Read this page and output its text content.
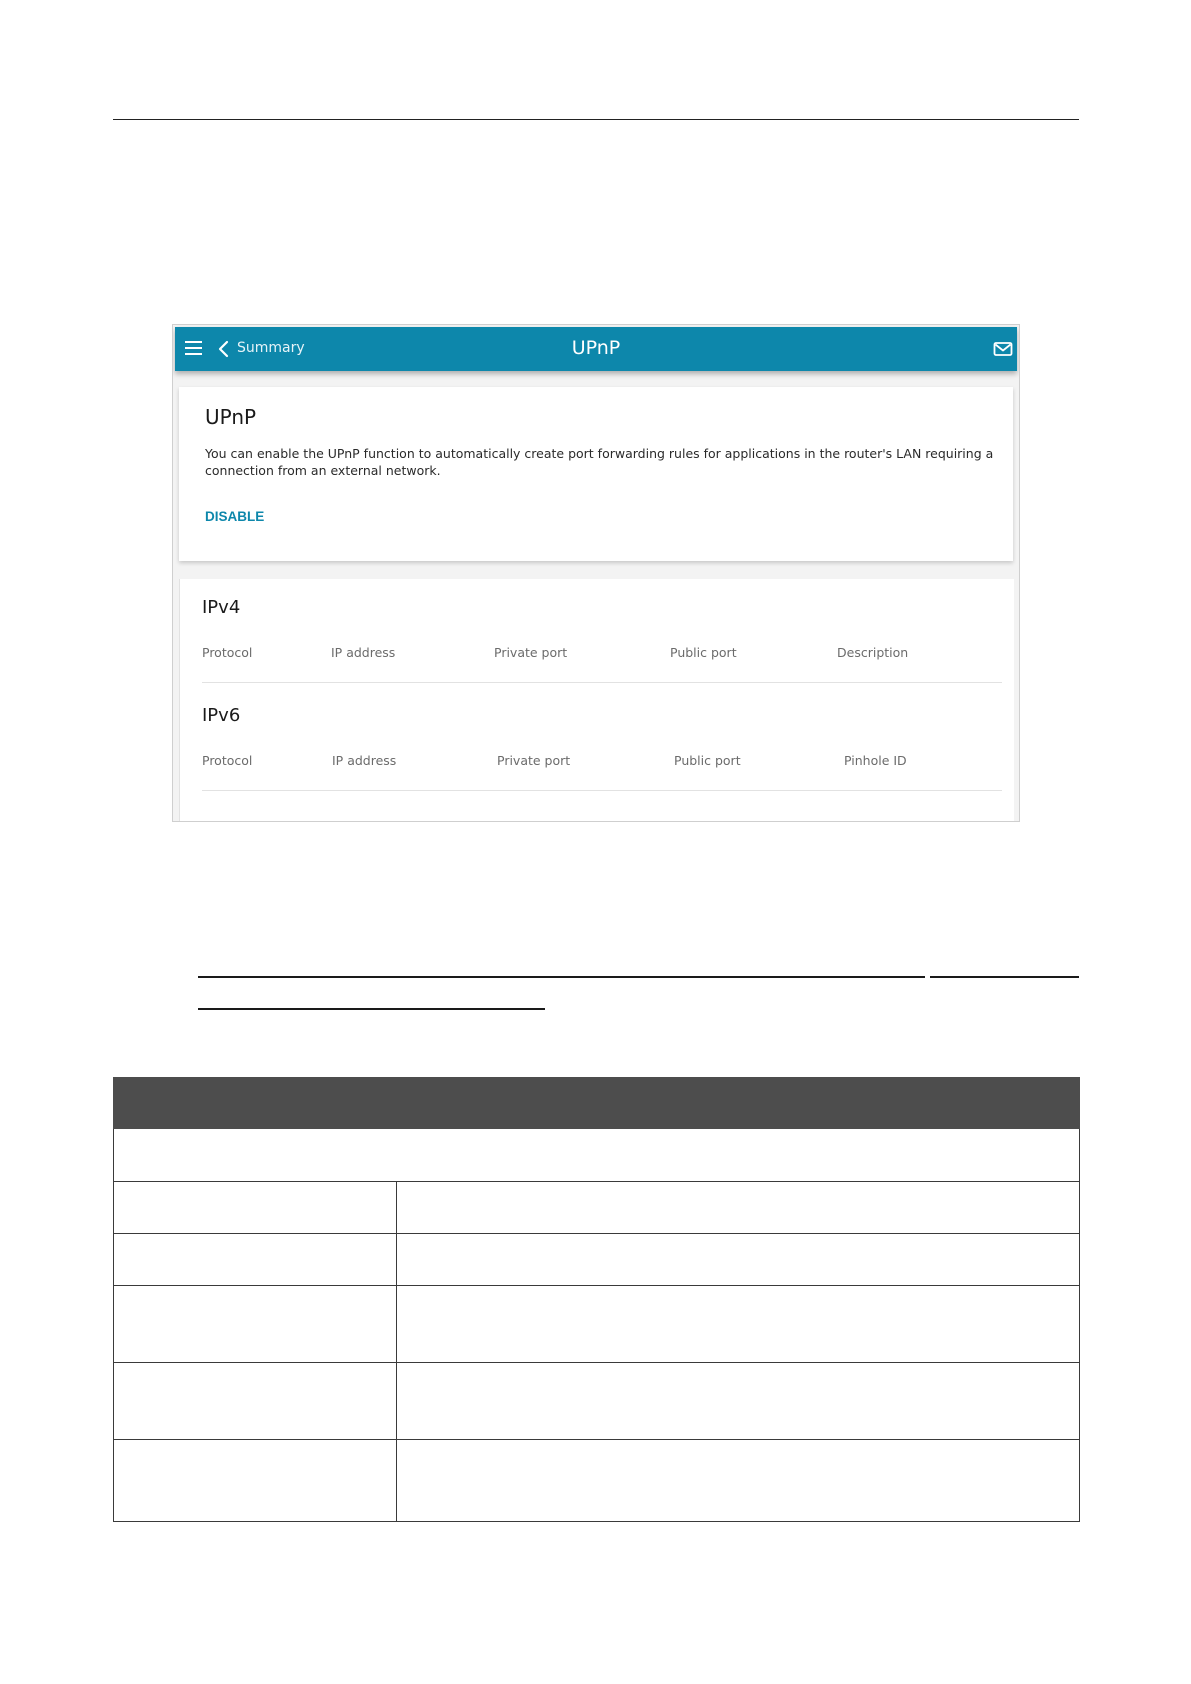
Summary	UPnP
UPnP
You can enable the UPnP function to automatically create port forwarding rules for applications in the router's LAN requiring a connection from an external network.
DISABLE
IPv4
Protocol	IP address	Private port	Public port	Description
IPv6
Protocol	IP address	Private port	Public port	Pinhole ID
